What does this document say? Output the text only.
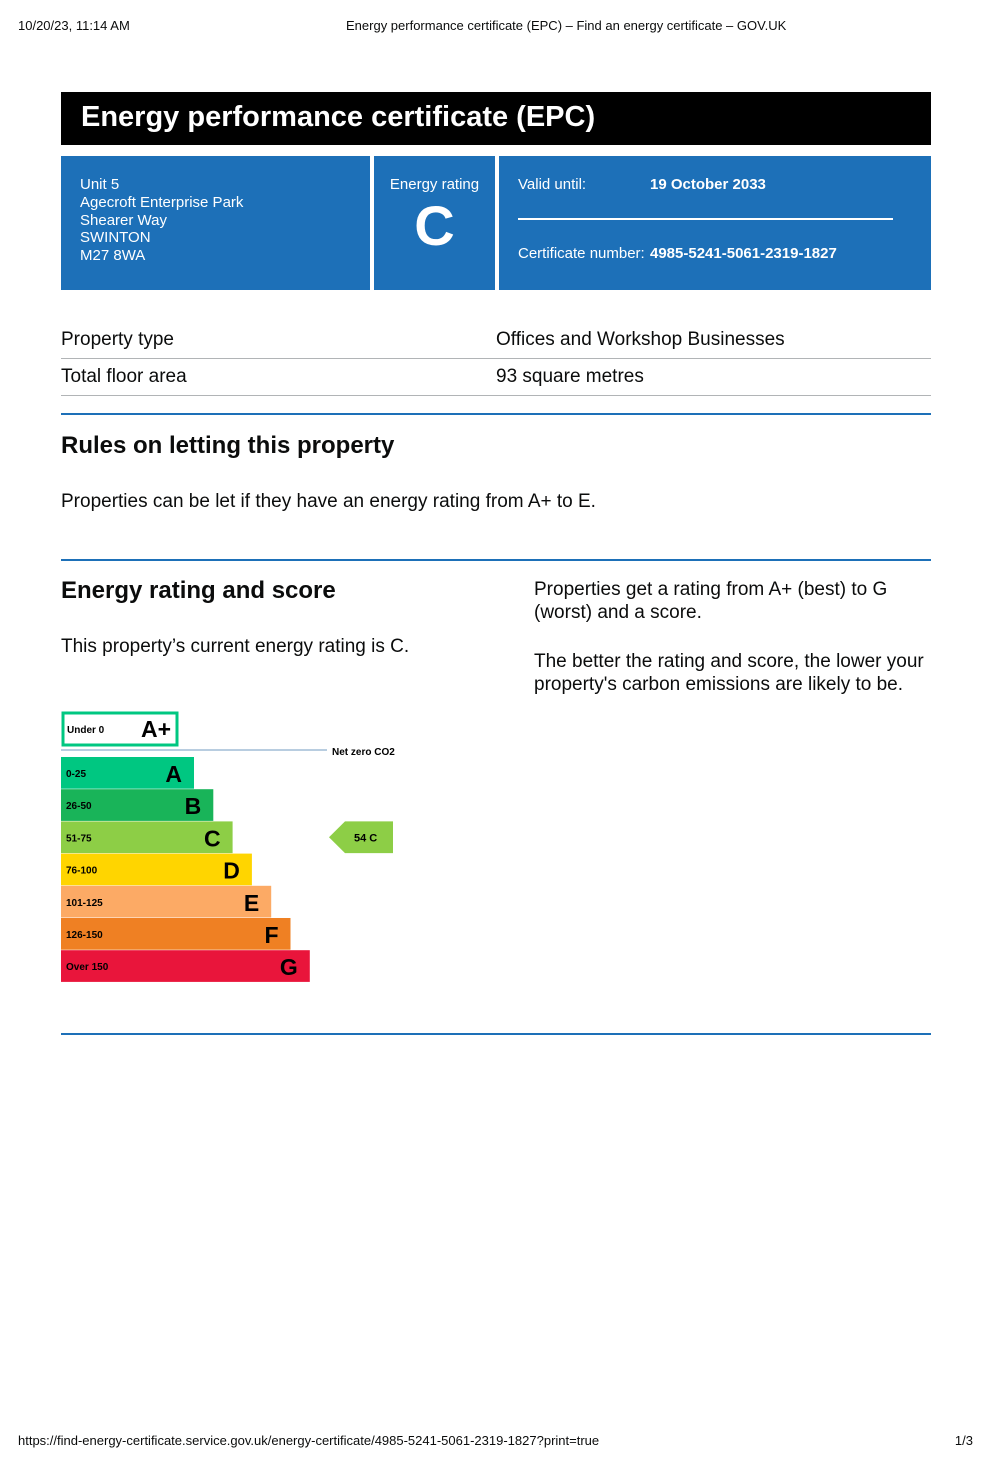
10/20/23, 11:14 AM	Energy performance certificate (EPC) – Find an energy certificate – GOV.UK
Energy performance certificate (EPC)
Unit 5
Agecroft Enterprise Park
Shearer Way
SWINTON
M27 8WA
Energy rating
C
Valid until:	19 October 2033
Certificate number: 4985-5241-5061-2319-1827
Property type	Offices and Workshop Businesses
Total floor area	93 square metres
Rules on letting this property

Properties can be let if they have an energy rating from A+ to E.

Energy rating and score

This property’s current energy rating is C.

Properties get a rating from A+ (best) to G (worst) and a score.

The better the rating and score, the lower your property's carbon emissions are likely to be.

Under 0 A+
Net zero CO2
0-25	A
26-50	B
51-75	C
76-100	D
101-125	E
126-150	F
Over 150	G
54 C
https://find-energy-certificate.service.gov.uk/energy-certificate/4985-5241-5061-2319-1827?print=true	1/3
